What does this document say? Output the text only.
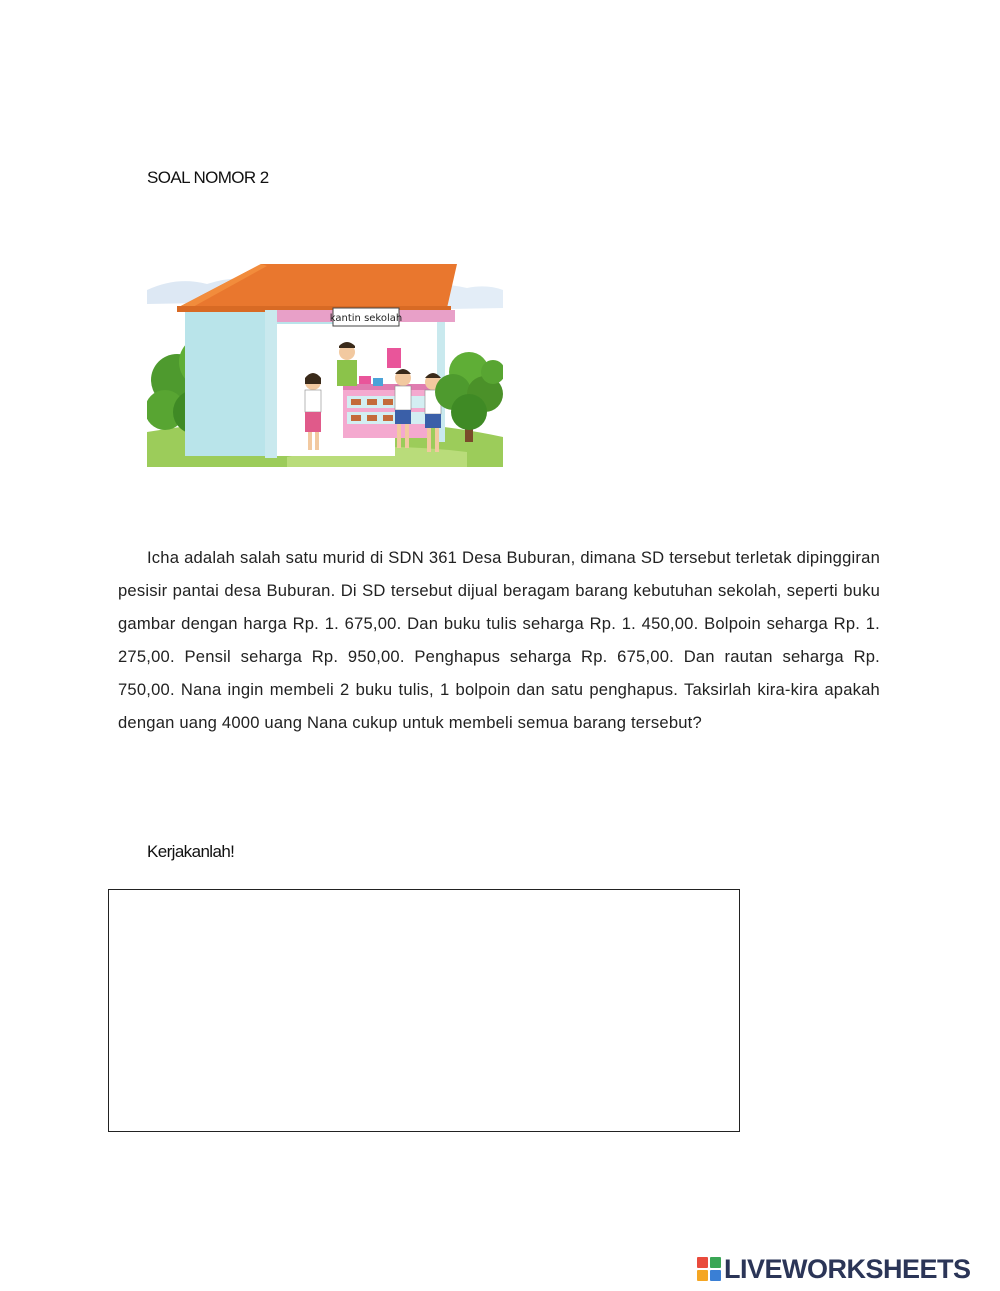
SOAL NOMOR 2
kantin sekolah
Icha adalah salah satu murid di SDN 361 Desa Buburan, dimana SD tersebut terletak dipinggiran pesisir pantai desa Buburan. Di SD tersebut dijual beragam barang kebutuhan sekolah, seperti buku gambar dengan harga Rp. 1. 675,00. Dan buku tulis seharga Rp. 1. 450,00. Bolpoin seharga Rp. 1. 275,00. Pensil seharga Rp. 950,00. Penghapus seharga Rp. 675,00. Dan rautan seharga Rp. 750,00. Nana ingin membeli 2 buku tulis, 1 bolpoin dan satu penghapus. Taksirlah kira-kira apakah dengan uang 4000 uang Nana cukup untuk membeli semua barang tersebut?
Kerjakanlah!
LIVEWORKSHEETS
